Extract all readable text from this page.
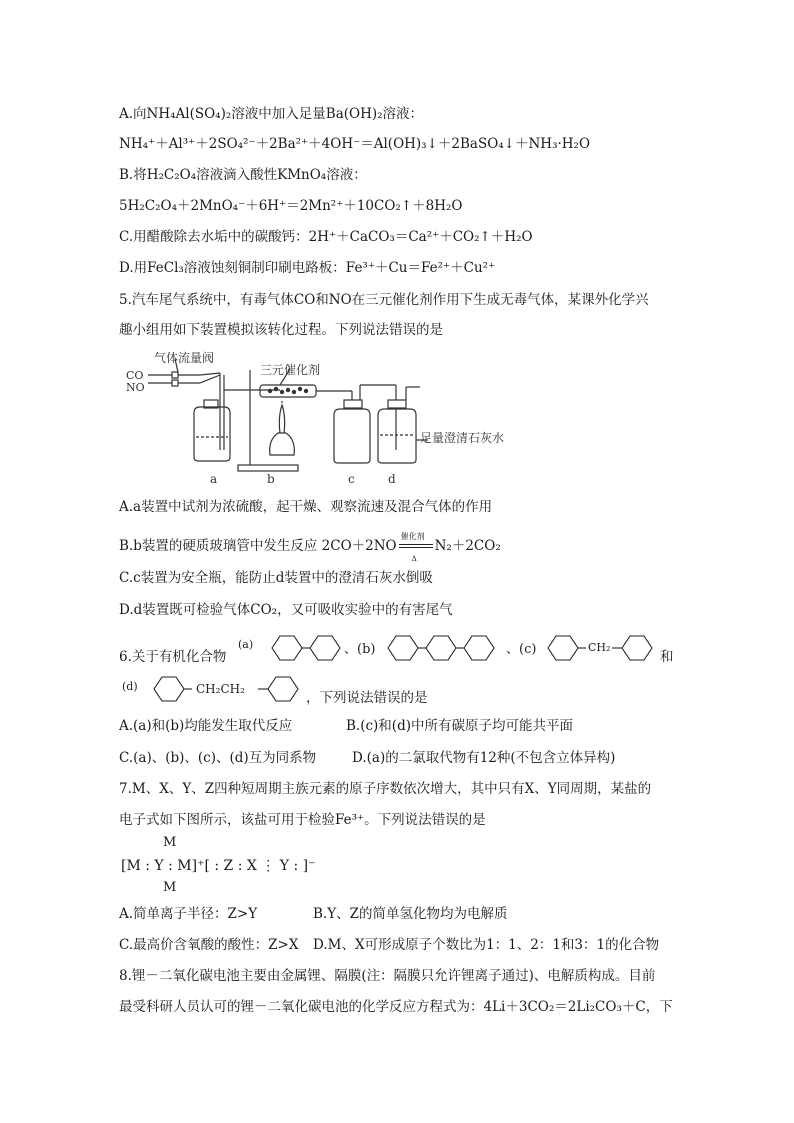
A.向NH₄Al(SO₄)₂溶液中加入足量Ba(OH)₂溶液：
NH₄⁺＋Al³⁺＋2SO₄²⁻＋2Ba²⁺＋4OH⁻＝Al(OH)₃↓＋2BaSO₄↓＋NH₃·H₂O
B.将H₂C₂O₄溶液滴入酸性KMnO₄溶液：
5H₂C₂O₄＋2MnO₄⁻＋6H⁺＝2Mn²⁺＋10CO₂↑＋8H₂O
C.用醋酸除去水垢中的碳酸钙：2H⁺＋CaCO₃＝Ca²⁺＋CO₂↑＋H₂O
D.用FeCl₃溶液蚀刻铜制印刷电路板：Fe³⁺＋Cu＝Fe²⁺＋Cu²⁺
5.汽车尾气系统中，有毒气体CO和NO在三元催化剂作用下生成无毒气体，某课外化学兴
趣小组用如下装置模拟该转化过程。下列说法错误的是
气体流量阀
三元催化剂
CO
NO
足量澄清石灰水
a	b	c	d
A.a装置中试剂为浓硫酸，起干燥、观察流速及混合气体的作用
B.b装置的硬质玻璃管中发生反应 2CO＋2NO
催化剂
Δ
N₂＋2CO₂
C.c装置为安全瓶，能防止d装置中的澄清石灰水倒吸
D.d装置既可检验气体CO₂，又可吸收实验中的有害尾气
6.关于有机化合物
(a)	、(b)	、(c)	CH₂
和
(d)	CH₂CH₂
，下列说法错误的是
A.(a)和(b)均能发生取代反应	B.(c)和(d)中所有碳原子均可能共平面
C.(a)、(b)、(c)、(d)互为同系物	D.(a)的二氯取代物有12种(不包含立体异构)
7.M、X、Y、Z四种短周期主族元素的原子序数依次增大，其中只有X、Y同周期，某盐的
电子式如下图所示，该盐可用于检验Fe³⁺。下列说法错误的是
M
[M : Y : M]⁺[ : Z : X ⋮ Y : ]⁻
M
A.简单离子半径：Z>Y	B.Y、Z的简单氢化物均为电解质
C.最高价含氧酸的酸性：Z>X D.M、X可形成原子个数比为1：1、2：1和3：1的化合物
8.锂－二氧化碳电池主要由金属锂、隔膜(注：隔膜只允许锂离子通过)、电解质构成。目前
最受科研人员认可的锂－二氧化碳电池的化学反应方程式为：4Li＋3CO₂＝2Li₂CO₃＋C，下
